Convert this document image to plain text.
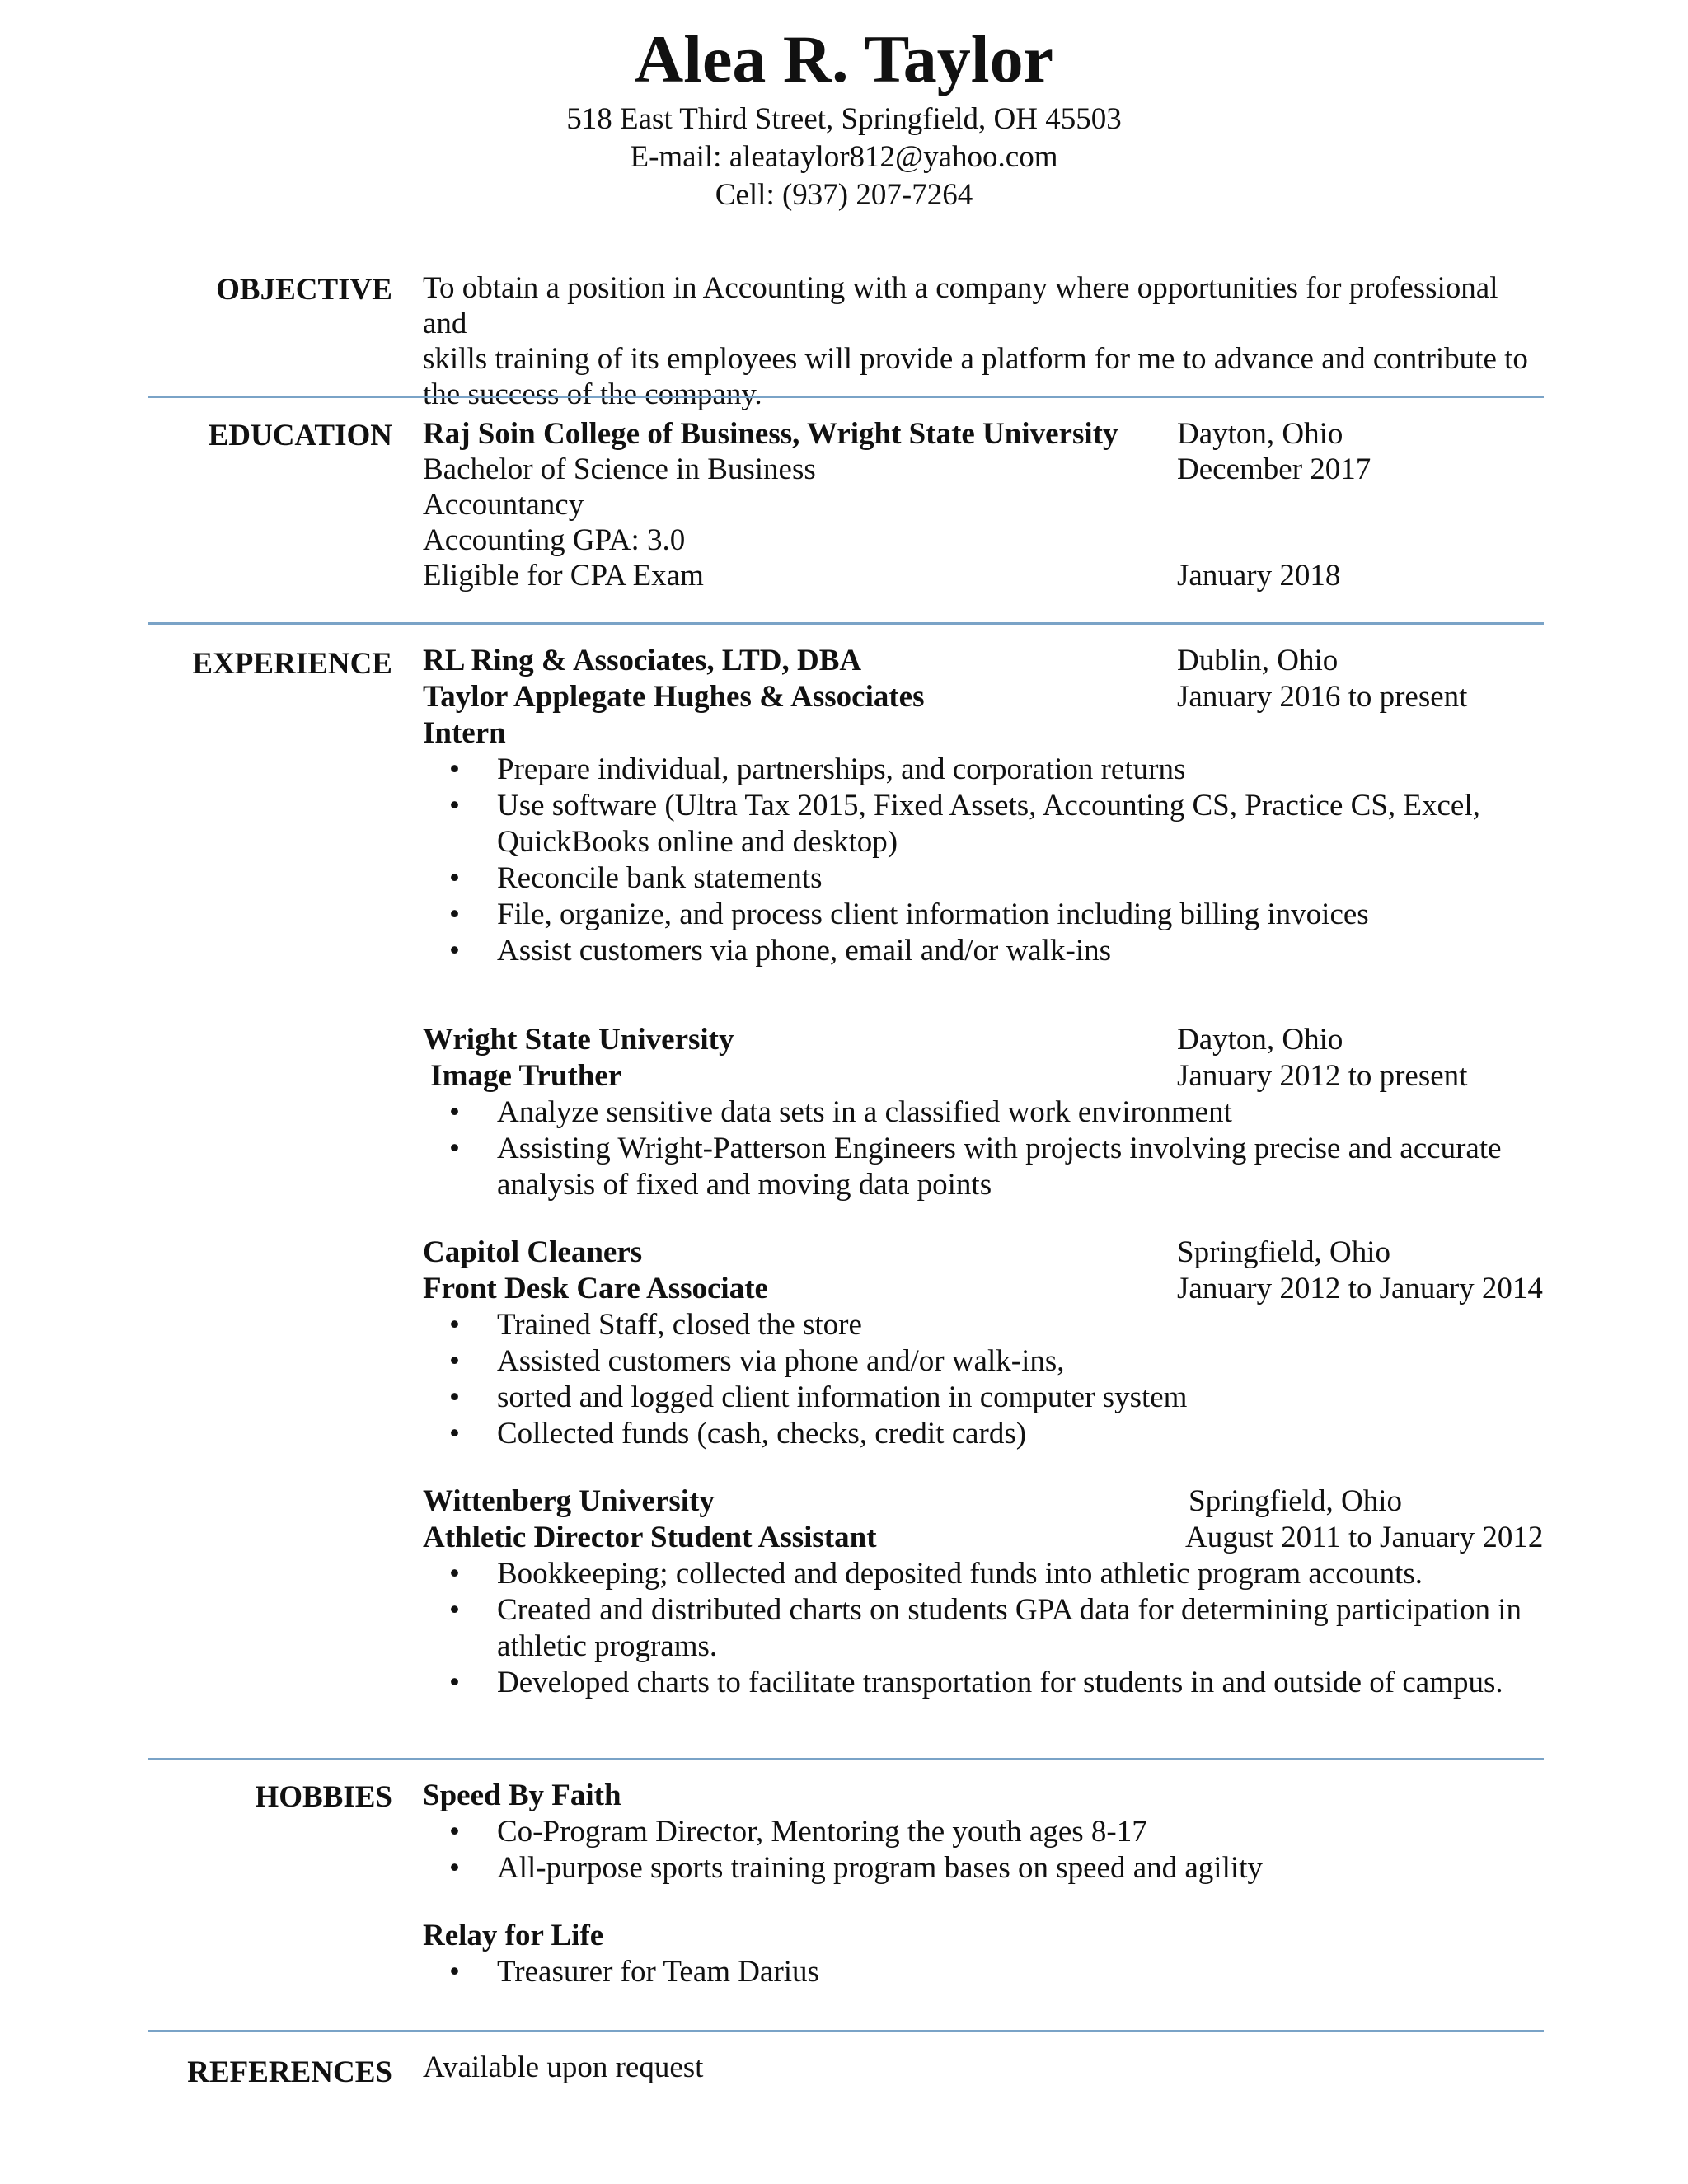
Alea R. Taylor
518 East Third Street, Springfield, OH 45503
E-mail: aleataylor812@yahoo.com
Cell: (937) 207-7264
OBJECTIVE To obtain a position in Accounting with a company where opportunities for professional and
skills training of its employees will provide a platform for me to advance and contribute to
the success of the company.
EDUCATION Raj Soin College of Business, Wright State University	Dayton, Ohio
Bachelor of Science in Business	December 2017
Accountancy
Accounting GPA: 3.0
Eligible for CPA Exam	January 2018
EXPERIENCE RL Ring & Associates, LTD, DBA	Dublin, Ohio
Taylor Applegate Hughes & Associates	January 2016 to present
Intern
• Prepare individual, partnerships, and corporation returns
• Use software (Ultra Tax 2015, Fixed Assets, Accounting CS, Practice CS, Excel, QuickBooks online and desktop)
• Reconcile bank statements
• File, organize, and process client information including billing invoices
• Assist customers via phone, email and/or walk-ins
Wright State University	Dayton, Ohio
Image Truther	January 2012 to present
• Analyze sensitive data sets in a classified work environment
• Assisting Wright-Patterson Engineers with projects involving precise and accurate analysis of fixed and moving data points
Capitol Cleaners	Springfield, Ohio
Front Desk Care Associate	January 2012 to January 2014
• Trained Staff, closed the store
• Assisted customers via phone and/or walk-ins,
• sorted and logged client information in computer system
• Collected funds (cash, checks, credit cards)
Wittenberg University	Springfield, Ohio
Athletic Director Student Assistant	August 2011 to January 2012
• Bookkeeping; collected and deposited funds into athletic program accounts.
• Created and distributed charts on students GPA data for determining participation in athletic programs.
• Developed charts to facilitate transportation for students in and outside of campus.
HOBBIES Speed By Faith
• Co-Program Director, Mentoring the youth ages 8-17
• All-purpose sports training program bases on speed and agility
Relay for Life
• Treasurer for Team Darius
REFERENCES Available upon request
